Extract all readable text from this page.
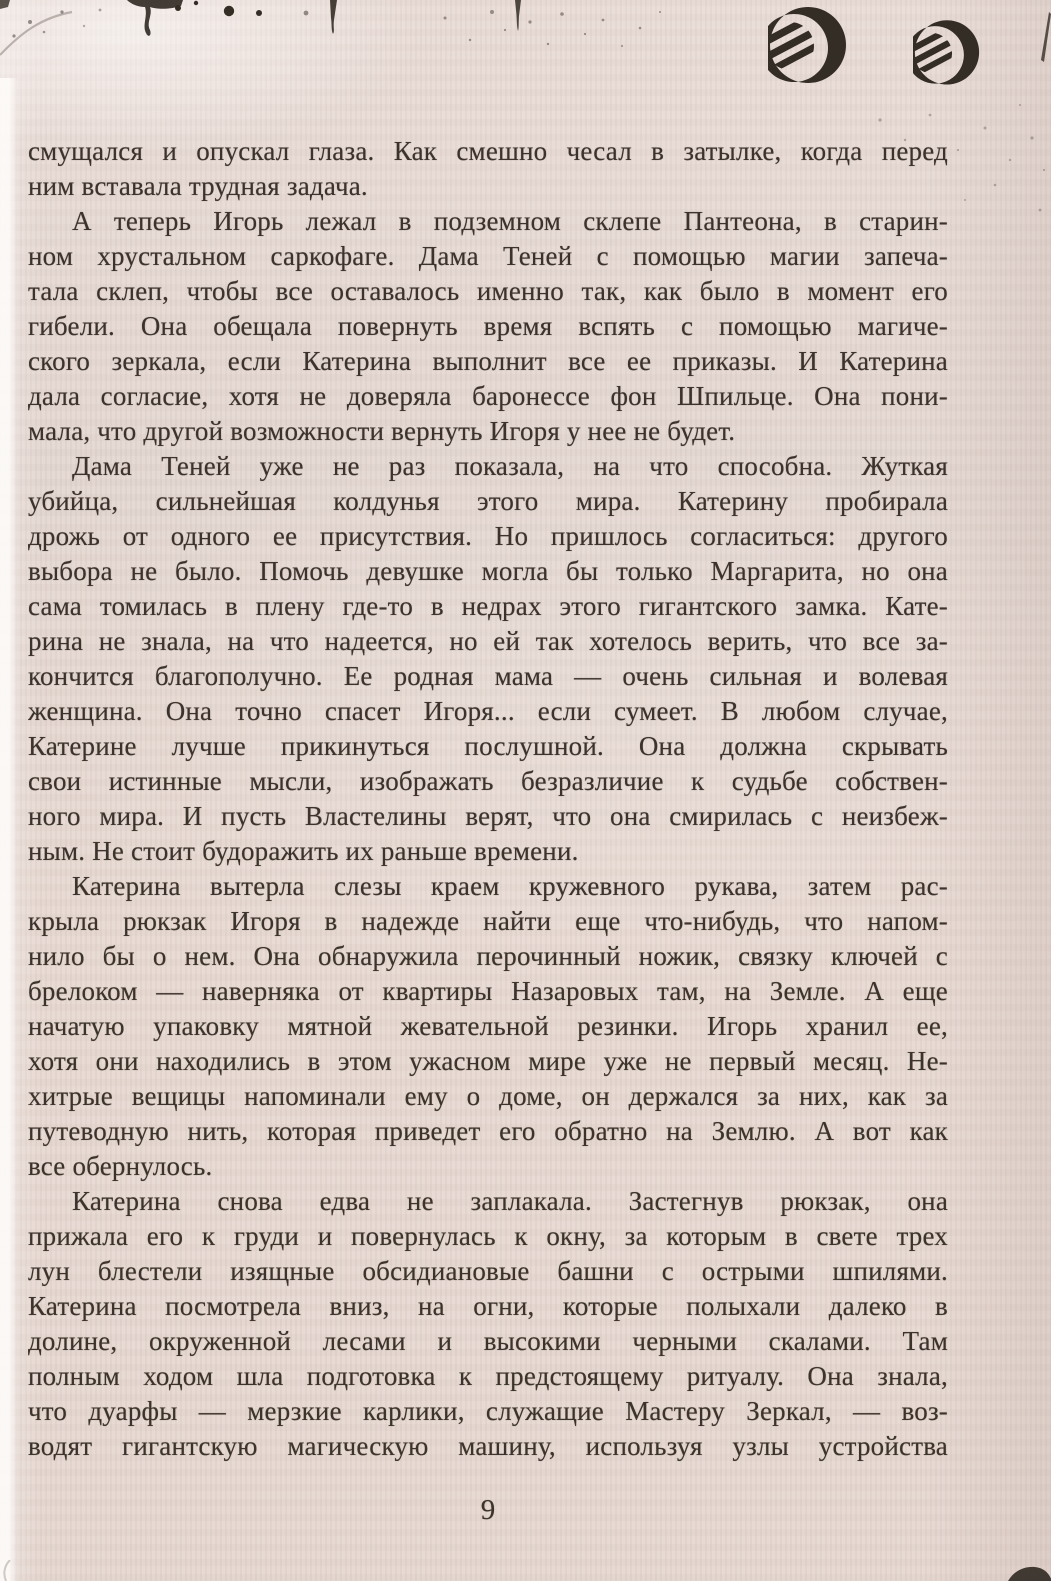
смущался и опускал глаза. Как смешно чесал в затылке, когда перед
ним вставала трудная задача.
А теперь Игорь лежал в подземном склепе Пантеона, в старин-
ном хрустальном саркофаге. Дама Теней с помощью магии запеча-
тала склеп, чтобы все оставалось именно так, как было в момент его
гибели. Она обещала повернуть время вспять с помощью магиче-
ского зеркала, если Катерина выполнит все ее приказы. И Катерина
дала согласие, хотя не доверяла баронессе фон Шпильце. Она пони-
мала, что другой возможности вернуть Игоря у нее не будет.
Дама Теней уже не раз показала, на что способна. Жуткая
убийца, сильнейшая колдунья этого мира. Катерину пробирала
дрожь от одного ее присутствия. Но пришлось согласиться: другого
выбора не было. Помочь девушке могла бы только Маргарита, но она
сама томилась в плену где-то в недрах этого гигантского замка. Кате-
рина не знала, на что надеется, но ей так хотелось верить, что все за-
кончится благополучно. Ее родная мама — очень сильная и волевая
женщина. Она точно спасет Игоря... если сумеет. В любом случае,
Катерине лучше прикинуться послушной. Она должна скрывать
свои истинные мысли, изображать безразличие к судьбе собствен-
ного мира. И пусть Властелины верят, что она смирилась с неизбеж-
ным. Не стоит будоражить их раньше времени.
Катерина вытерла слезы краем кружевного рукава, затем рас-
крыла рюкзак Игоря в надежде найти еще что-нибудь, что напом-
нило бы о нем. Она обнаружила перочинный ножик, связку ключей с
брелоком — наверняка от квартиры Назаровых там, на Земле. А еще
начатую упаковку мятной жевательной резинки. Игорь хранил ее,
хотя они находились в этом ужасном мире уже не первый месяц. Не-
хитрые вещицы напоминали ему о доме, он держался за них, как за
путеводную нить, которая приведет его обратно на Землю. А вот как
все обернулось.
Катерина снова едва не заплакала. Застегнув рюкзак, она
прижала его к груди и повернулась к окну, за которым в свете трех
лун блестели изящные обсидиановые башни с острыми шпилями.
Катерина посмотрела вниз, на огни, которые полыхали далеко в
долине, окруженной лесами и высокими черными скалами. Там
полным ходом шла подготовка к предстоящему ритуалу. Она знала,
что дуарфы — мерзкие карлики, служащие Мастеру Зеркал, — воз-
водят гигантскую магическую машину, используя узлы устройства
9
